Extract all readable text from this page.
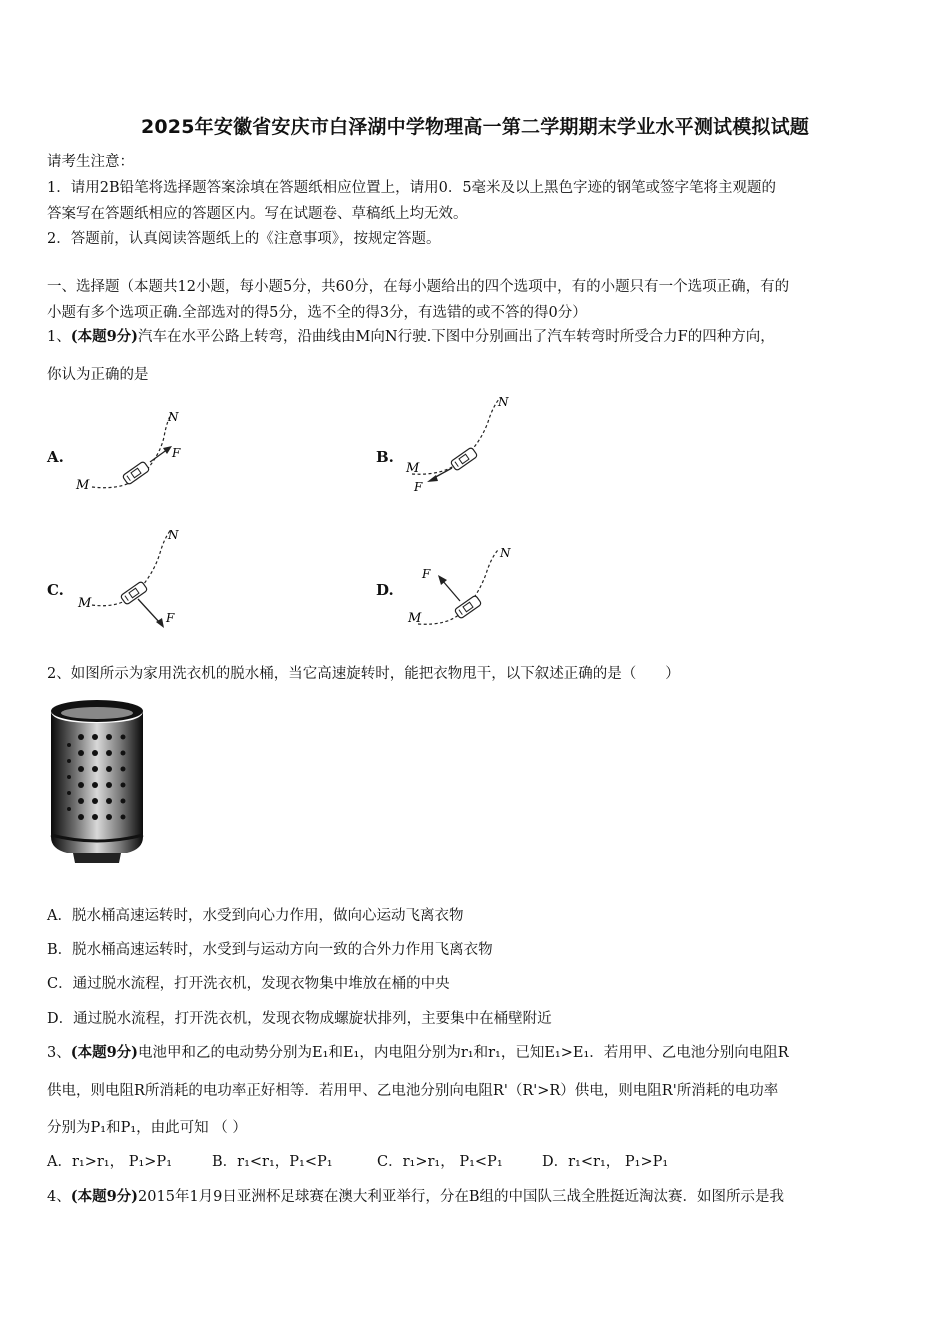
2025年安徽省安庆市白泽湖中学物理高一第二学期期末学业水平测试模拟试题
请考生注意：
1．请用2B铅笔将选择题答案涂填在答题纸相应位置上，请用0．5毫米及以上黑色字迹的钢笔或签字笔将主观题的
答案写在答题纸相应的答题区内。写在试题卷、草稿纸上均无效。
2．答题前，认真阅读答题纸上的《注意事项》，按规定答题。
一、选择题（本题共12小题，每小题5分，共60分，在每小题给出的四个选项中，有的小题只有一个选项正确，有的
小题有多个选项正确.全部选对的得5分，选不全的得3分，有选错的或不答的得0分）
1、(本题9分)汽车在水平公路上转弯，沿曲线由M向N行驶.下图中分别画出了汽车转弯时所受合力F的四种方向，
你认为正确的是
A.
M
N
F	B.
M
N
F
C.
M
N
F
D.
M
N
F
2、如图所示为家用洗衣机的脱水桶，当它高速旋转时，能把衣物甩干，以下叙述正确的是（　　）
A．脱水桶高速运转时，水受到向心力作用，做向心运动飞离衣物
B．脱水桶高速运转时，水受到与运动方向一致的合外力作用飞离衣物
C．通过脱水流程，打开洗衣机，发现衣物集中堆放在桶的中央
D．通过脱水流程，打开洗衣机，发现衣物成螺旋状排列，主要集中在桶壁附近
3、(本题9分)电池甲和乙的电动势分别为E₁和E₁，内电阻分别为r₁和r₁，已知E₁>E₁．若用甲、乙电池分别向电阻R
供电，则电阻R所消耗的电功率正好相等．若用甲、乙电池分别向电阻R'（R'>R）供电，则电阻R'所消耗的电功率
分别为P₁和P₁，由此可知 （ ）
A．r₁>r₁， P₁>P₁	B．r₁<r₁，P₁<P₁	C．r₁>r₁， P₁<P₁	D．r₁<r₁， P₁>P₁
4、(本题9分)2015年1月9日亚洲杯足球赛在澳大利亚举行，分在B组的中国队三战全胜挺近淘汰赛．如图所示是我
